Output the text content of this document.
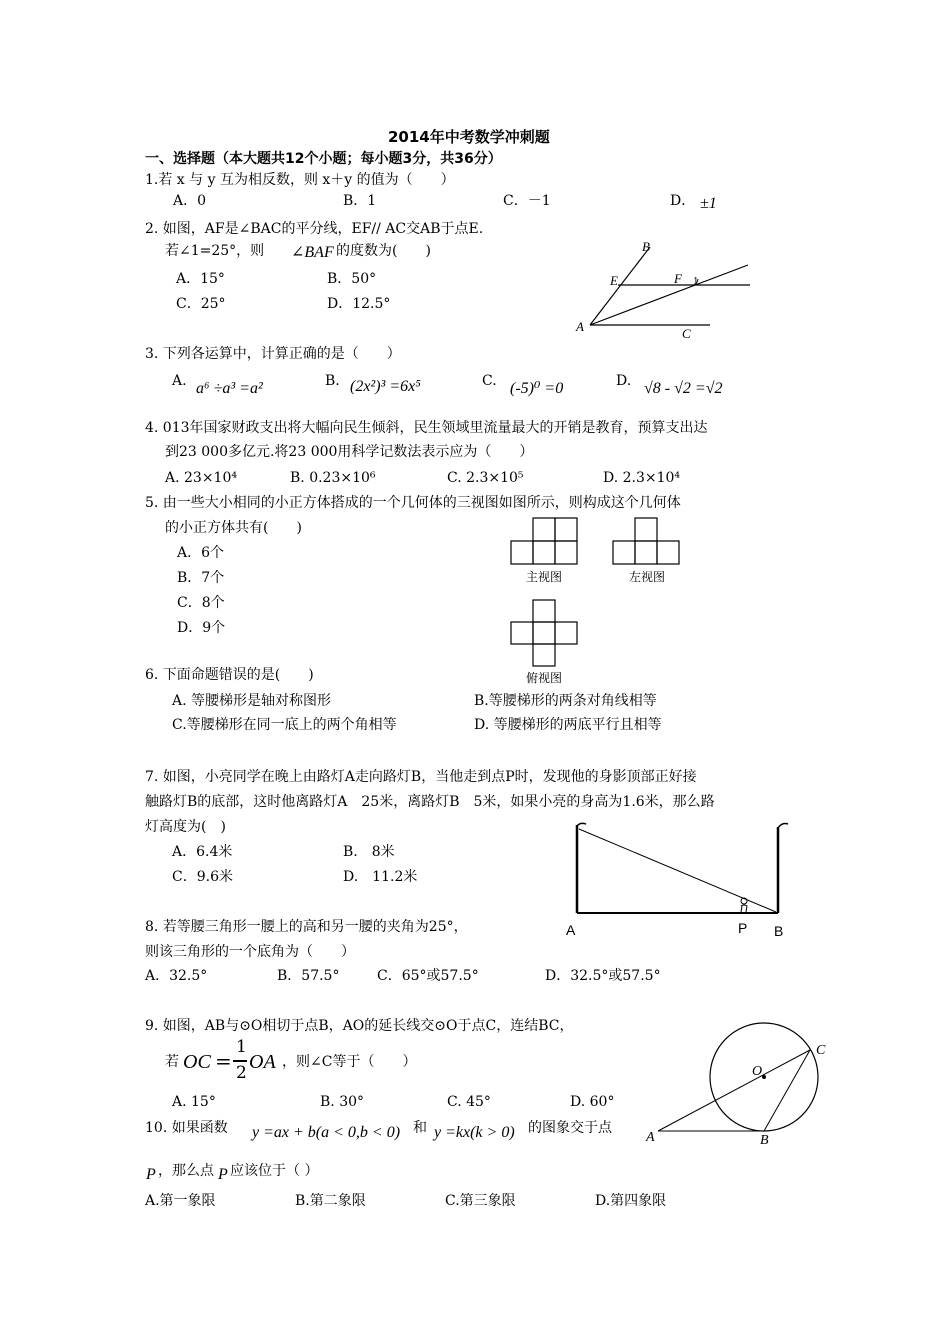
2014年中考数学冲刺题
一、选择题（本大题共12个小题；每小题3分，共36分）
1.若 x 与 y 互为相反数，则 x＋y 的值为（　　）
A．0	B．1	C．－1	D． ±1
2. 如图，AF是∠BAC的平分线，EF// AC交AB于点E.
若∠1=25°，则 ∠BAF 的度数为(　　)
A．15°	B．50°
C．25°	D．12.5°
B
E	F 1
A	C
3. 下列各运算中，计算正确的是（　　）
A. a⁶ ÷a³ =a²	B. (2x²)³ =6x⁵	C. (-5)⁰ =0	D. √8 - √2 =√2
4. 013年国家财政支出将大幅向民生倾斜，民生领域里流量最大的开销是教育，预算支出达
到23 000多亿元.将23 000用科学记数法表示应为（　　）
A. 23×10⁴	B. 0.23×10⁶	C. 2.3×10⁵	D. 2.3×10⁴
5. 由一些大小相同的小正方体搭成的一个几何体的三视图如图所示，则构成这个几何体
的小正方体共有(　　)
A．6个
B．7个
C．8个
D．9个
主视图	左视图
俯视图
6. 下面命题错误的是(　　)
A. 等腰梯形是轴对称图形	B.等腰梯形的两条对角线相等
C.等腰梯形在同一底上的两个角相等	D. 等腰梯形的两底平行且相等
7. 如图，小亮同学在晚上由路灯A走向路灯B，当他走到点P时，发现他的身影顶部正好接
触路灯B的底部，这时他离路灯A　25米，离路灯B　5米，如果小亮的身高为1.6米，那么路
灯高度为(　)
A．6.4米	B.　8米
C．9.6米	D.　11.2米
A	P B
8. 若等腰三角形一腰上的高和另一腰的夹角为25°，
则该三角形的一个底角为（　　）
A．32.5°	B．57.5°	C．65°或57.5°	D．32.5°或57.5°
9. 如图，AB与⊙O相切于点B，AO的延长线交⊙O于点C，连结BC，
若 OC =
1
2 OA ，则∠C等于（　　）
A. 15°	B. 30°	C. 45°	D. 60°
O
C
A	B
10. 如果函数 y =ax + b(a < 0,b < 0) 和 y =kx(k > 0) 的图象交于点
P ，那么点 P 应该位于（ ）
A.第一象限	B.第二象限	C.第三象限	D.第四象限
